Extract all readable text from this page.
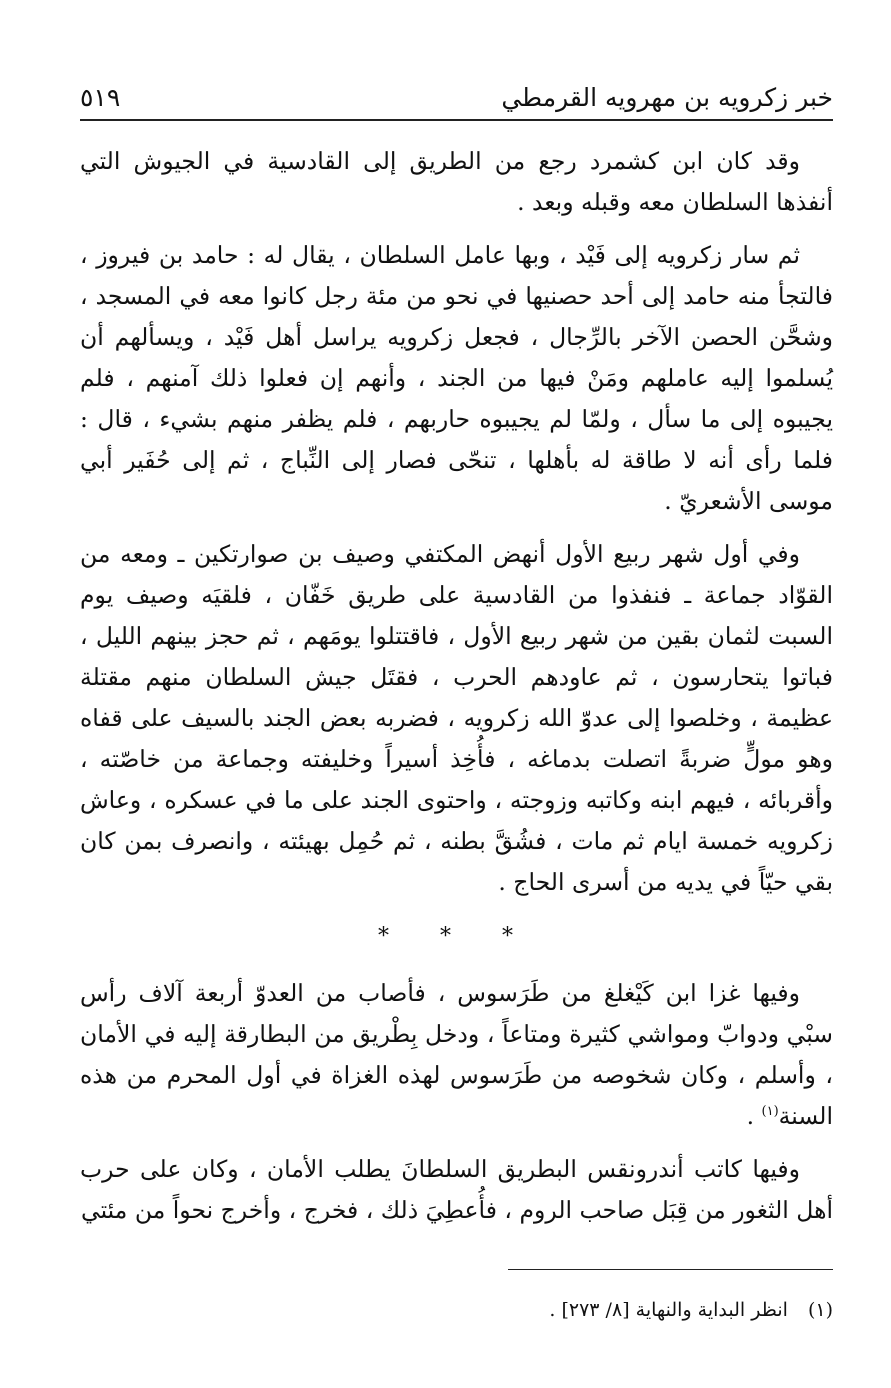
خبر زكرويه بن مهرويه القرمطي
٥١٩

وقد كان ابن كشمرد رجع من الطريق إلى القادسية في الجيوش التي أنفذها السلطان معه وقبله وبعد .

ثم سار زكرويه إلى فَيْد ، وبها عامل السلطان ، يقال له : حامد بن فيروز ، فالتجأ منه حامد إلى أحد حصنيها في نحو من مئة رجل كانوا معه في المسجد ، وشحَّن الحصن الآخر بالرِّجال ، فجعل زكرويه يراسل أهل فَيْد ، ويسألهم أن يُسلموا إليه عاملهم ومَنْ فيها من الجند ، وأنهم إن فعلوا ذلك آمنهم ، فلم يجيبوه إلى ما سأل ، ولمّا لم يجيبوه حاربهم ، فلم يظفر منهم بشيء ، قال : فلما رأى أنه لا طاقة له بأهلها ، تنحّى فصار إلى النِّباج ، ثم إلى حُفَير أبي موسى الأشعريّ .

وفي أول شهر ربيع الأول أنهض المكتفي وصيف بن صوارتكين ـ ومعه من القوّاد جماعة ـ فنفذوا من القادسية على طريق خَفّان ، فلقيَه وصيف يوم السبت لثمان بقين من شهر ربيع الأول ، فاقتتلوا يومَهم ، ثم حجز بينهم الليل ، فباتوا يتحارسون ، ثم عاودهم الحرب ، فقتَل جيش السلطان منهم مقتلة عظيمة ، وخلصوا إلى عدوّ الله زكرويه ، فضربه بعض الجند بالسيف على قفاه وهو مولٍّ ضربةً اتصلت بدماغه ، فأُخِذ أسيراً وخليفته وجماعة من خاصّته ، وأقربائه ، فيهم ابنه وكاتبه وزوجته ، واحتوى الجند على ما في عسكره ، وعاش زكرويه خمسة ايام ثم مات ، فشُقَّ بطنه ، ثم حُمِل بهيئته ، وانصرف بمن كان بقي حيّاً في يديه من أسرى الحاج .

* * *

وفيها غزا ابن كَيْغلغ من طَرَسوس ، فأصاب من العدوّ أربعة آلاف رأس سبْي ودوابّ ومواشي كثيرة ومتاعاً ، ودخل بِطْريق من البطارقة إليه في الأمان ، وأسلم ، وكان شخوصه من طَرَسوس لهذه الغزاة في أول المحرم من هذه السنة$^{(١)}$ .

وفيها كاتب أندرونقس البطريق السلطانَ يطلب الأمان ، وكان على حرب أهل الثغور من قِبَل صاحب الروم ، فأُعطِيَ ذلك ، فخرج ، وأخرج نحواً من مئتي

(١) انظر البداية والنهاية [٨/ ٢٧٣] .
